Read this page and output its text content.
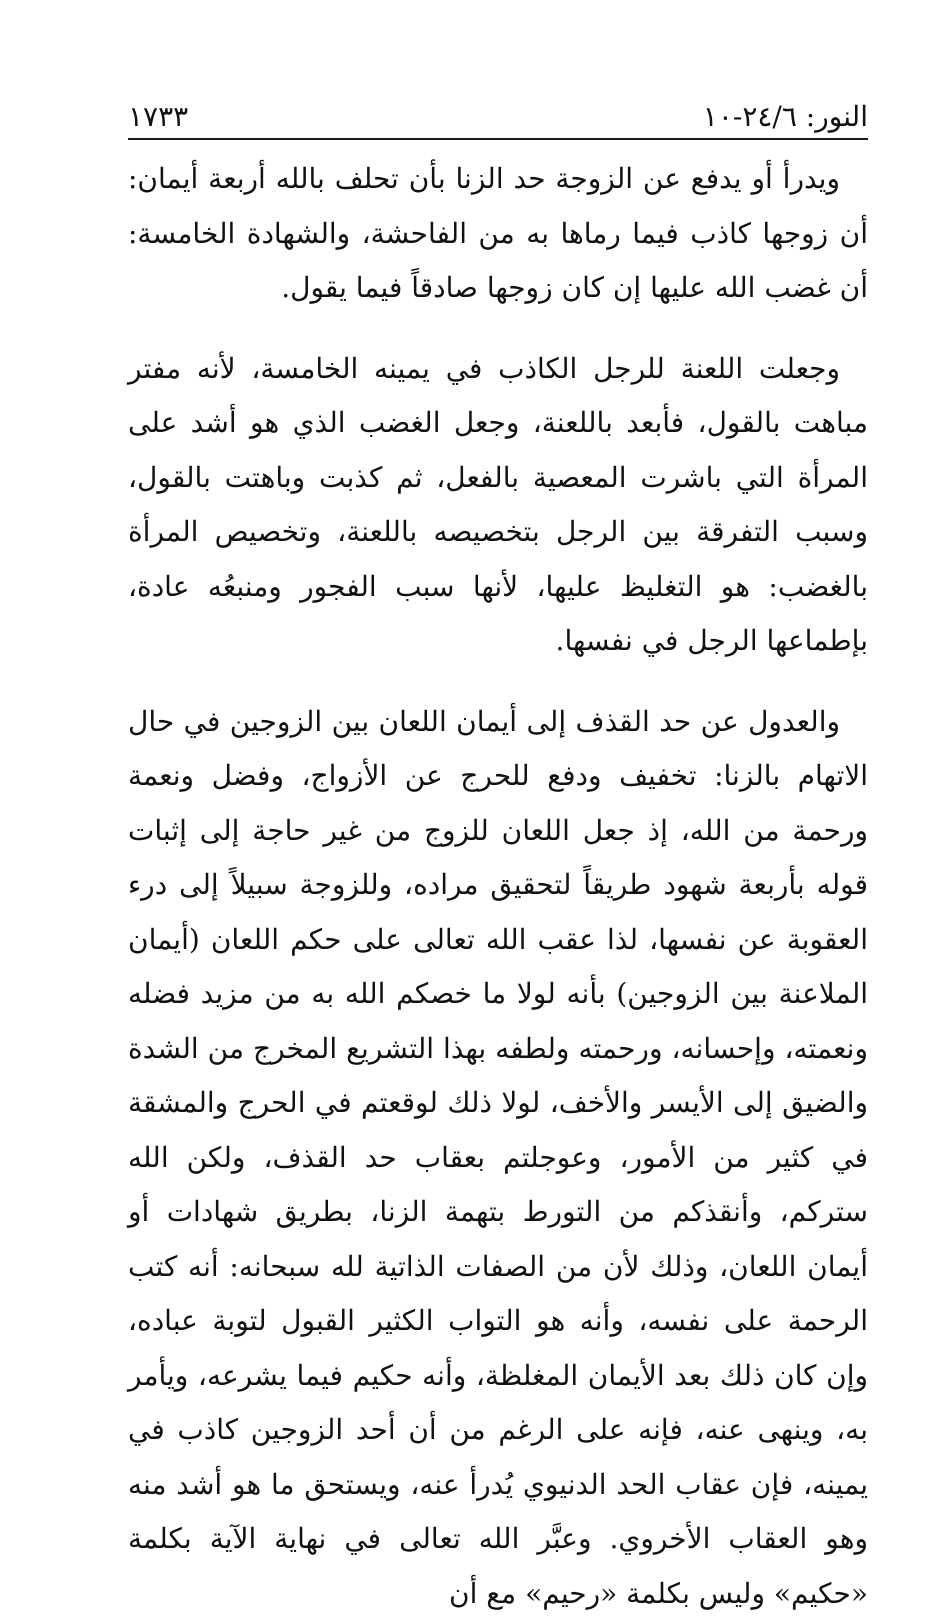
النور: ٢٤/٦-١٠
١٧٣٣

ويدرأ أو يدفع عن الزوجة حد الزنا بأن تحلف بالله أربعة أيمان: أن زوجها كاذب فيما رماها به من الفاحشة، والشهادة الخامسة: أن غضب الله عليها إن كان زوجها صادقاً فيما يقول.

وجعلت اللعنة للرجل الكاذب في يمينه الخامسة، لأنه مفتر مباهت بالقول، فأبعد باللعنة، وجعل الغضب الذي هو أشد على المرأة التي باشرت المعصية بالفعل، ثم كذبت وباهتت بالقول، وسبب التفرقة بين الرجل بتخصيصه باللعنة، وتخصيص المرأة بالغضب: هو التغليظ عليها، لأنها سبب الفجور ومنبعُه عادة، بإطماعها الرجل في نفسها.

والعدول عن حد القذف إلى أيمان اللعان بين الزوجين في حال الاتهام بالزنا: تخفيف ودفع للحرج عن الأزواج، وفضل ونعمة ورحمة من الله، إذ جعل اللعان للزوج من غير حاجة إلى إثبات قوله بأربعة شهود طريقاً لتحقيق مراده، وللزوجة سبيلاً إلى درء العقوبة عن نفسها، لذا عقب الله تعالى على حكم اللعان (أيمان الملاعنة بين الزوجين) بأنه لولا ما خصكم الله به من مزيد فضله ونعمته، وإحسانه، ورحمته ولطفه بهذا التشريع المخرج من الشدة والضيق إلى الأيسر والأخف، لولا ذلك لوقعتم في الحرج والمشقة في كثير من الأمور، وعوجلتم بعقاب حد القذف، ولكن الله ستركم، وأنقذكم من التورط بتهمة الزنا، بطريق شهادات أو أيمان اللعان، وذلك لأن من الصفات الذاتية لله سبحانه: أنه كتب الرحمة على نفسه، وأنه هو التواب الكثير القبول لتوبة عباده، وإن كان ذلك بعد الأيمان المغلظة، وأنه حكيم فيما يشرعه، ويأمر به، وينهى عنه، فإنه على الرغم من أن أحد الزوجين كاذب في يمينه، فإن عقاب الحد الدنيوي يُدرأ عنه، ويستحق ما هو أشد منه وهو العقاب الأخروي. وعبَّر الله تعالى في نهاية الآية بكلمة «حكيم» وليس بكلمة «رحيم» مع أن
